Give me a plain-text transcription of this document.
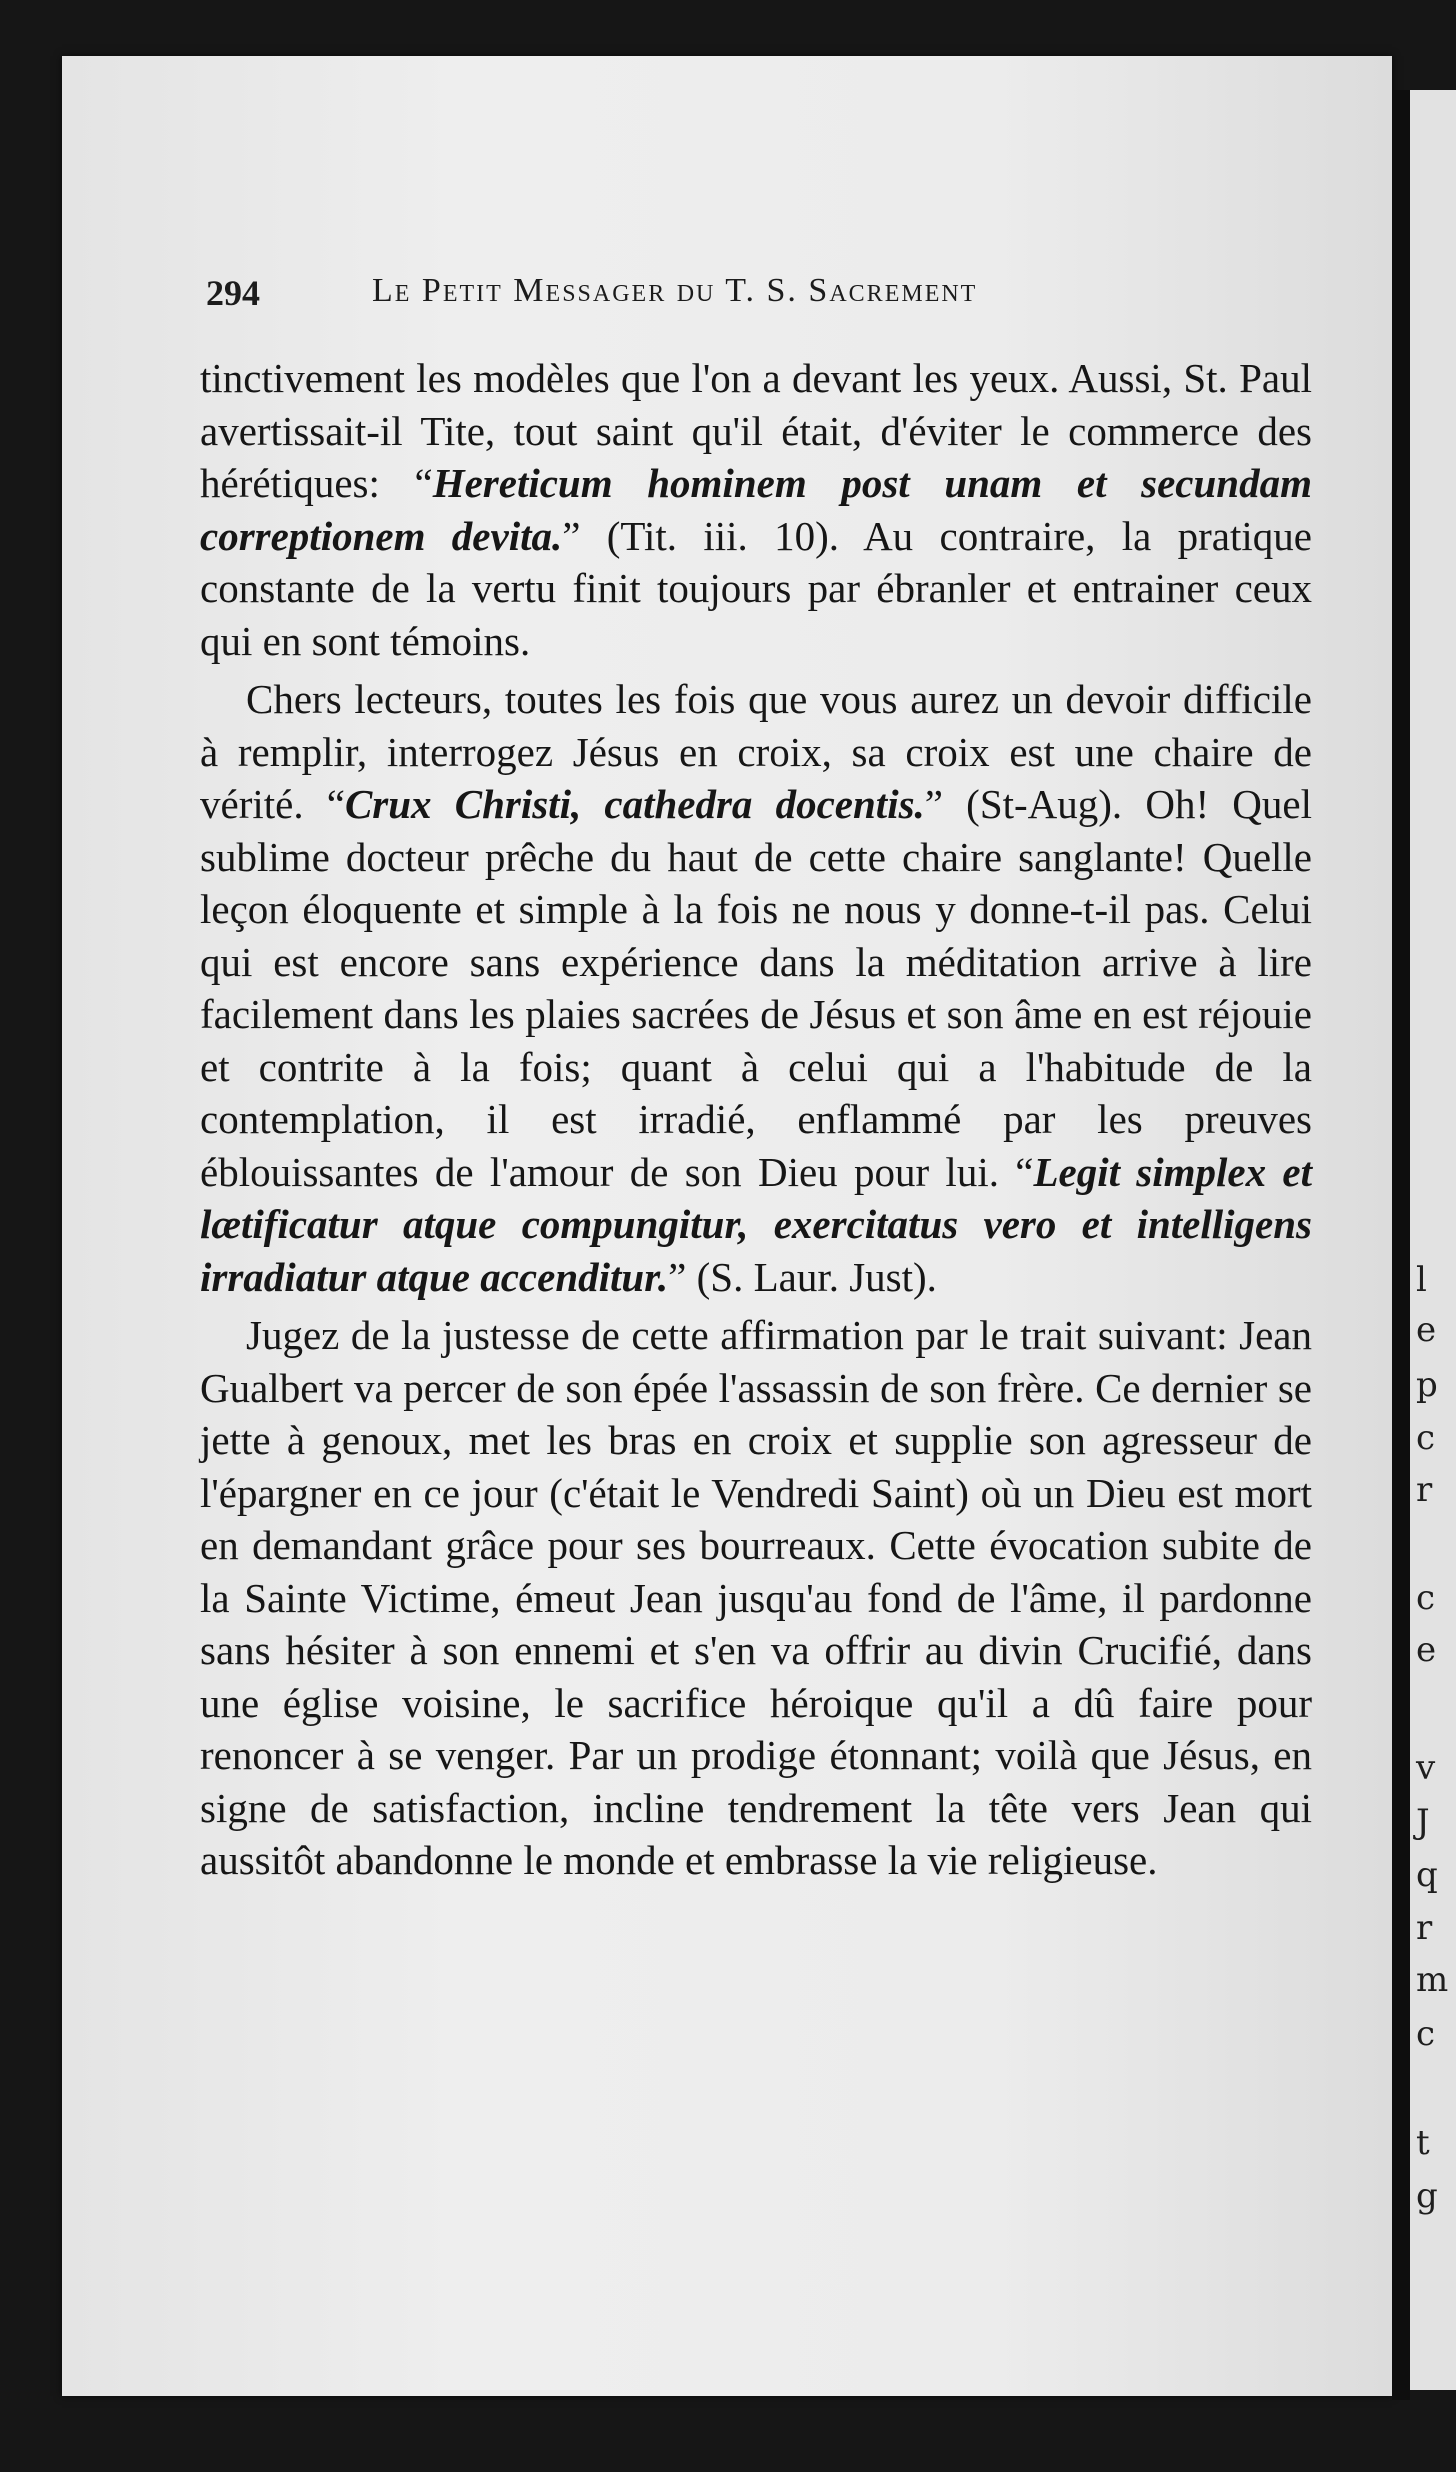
l
e
p
c
r
c
e
v
J
q
r
m
c
t
g
294	Le Petit Messager du T. S. Sacrement

tinctivement les modèles que l'on a devant les yeux. Aussi, St. Paul avertissait-il Tite, tout saint qu'il était, d'éviter le commerce des hérétiques: “Hereticum hominem post unam et secundam correptionem devita.” (Tit. iii. 10). Au contraire, la pratique constante de la vertu finit toujours par ébranler et entrainer ceux qui en sont témoins.

Chers lecteurs, toutes les fois que vous aurez un devoir difficile à remplir, interrogez Jésus en croix, sa croix est une chaire de vérité. “Crux Christi, cathedra docentis.” (St-Aug). Oh! Quel sublime docteur prêche du haut de cette chaire sanglante! Quelle leçon éloquente et simple à la fois ne nous y donne-t-il pas. Celui qui est encore sans expérience dans la méditation arrive à lire facilement dans les plaies sacrées de Jésus et son âme en est réjouie et contrite à la fois; quant à celui qui a l'habitude de la contemplation, il est irradié, enflammé par les preuves éblouissantes de l'amour de son Dieu pour lui. “Legit simplex et lætificatur atque compungitur, exercitatus vero et intelligens irradiatur atque accenditur.” (S. Laur. Just).

Jugez de la justesse de cette affirmation par le trait suivant: Jean Gualbert va percer de son épée l'assassin de son frère. Ce dernier se jette à genoux, met les bras en croix et supplie son agresseur de l'épargner en ce jour (c'était le Vendredi Saint) où un Dieu est mort en demandant grâce pour ses bourreaux. Cette évocation subite de la Sainte Victime, émeut Jean jusqu'au fond de l'âme, il pardonne sans hésiter à son ennemi et s'en va offrir au divin Crucifié, dans une église voisine, le sacrifice héroique qu'il a dû faire pour renoncer à se venger. Par un prodige étonnant; voilà que Jésus, en signe de satisfaction, incline tendrement la tête vers Jean qui aussitôt abandonne le monde et embrasse la vie religieuse.
